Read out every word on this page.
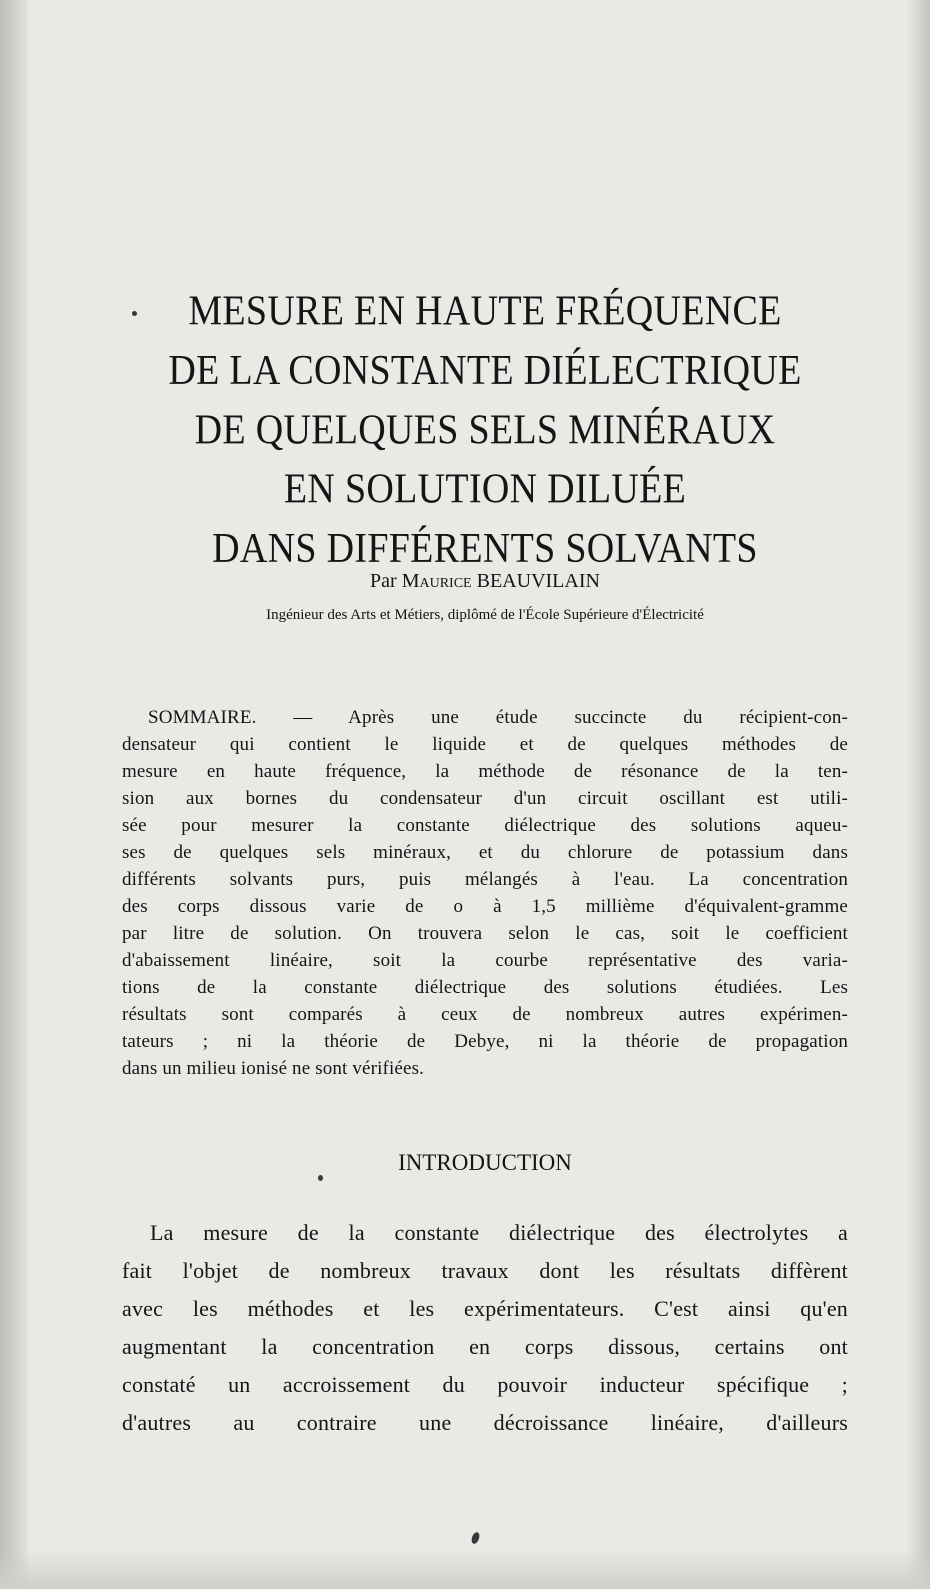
MESURE EN HAUTE FRÉQUENCE
DE LA CONSTANTE DIÉLECTRIQUE
DE QUELQUES SELS MINÉRAUX
EN SOLUTION DILUÉE
DANS DIFFÉRENTS SOLVANTS
Par Maurice BEAUVILAIN
Ingénieur des Arts et Métiers, diplômé de l'École Supérieure d'Électricité
SOMMAIRE. — Après une étude succincte du récipient-con-
densateur qui contient le liquide et de quelques méthodes de
mesure en haute fréquence, la méthode de résonance de la ten-
sion aux bornes du condensateur d'un circuit oscillant est utili-
sée pour mesurer la constante diélectrique des solutions aqueu-
ses de quelques sels minéraux, et du chlorure de potassium dans
différents solvants purs, puis mélangés à l'eau. La concentration
des corps dissous varie de o à 1,5 millième d'équivalent-gramme
par litre de solution. On trouvera selon le cas, soit le coefficient
d'abaissement linéaire, soit la courbe représentative des varia-
tions de la constante diélectrique des solutions étudiées. Les
résultats sont comparés à ceux de nombreux autres expérimen-
tateurs ; ni la théorie de Debye, ni la théorie de propagation
dans un milieu ionisé ne sont vérifiées.
INTRODUCTION
La mesure de la constante diélectrique des électrolytes a
fait l'objet de nombreux travaux dont les résultats diffèrent
avec les méthodes et les expérimentateurs. C'est ainsi qu'en
augmentant la concentration en corps dissous, certains ont
constaté un accroissement du pouvoir inducteur spécifique ;
d'autres au contraire une décroissance linéaire, d'ailleurs
